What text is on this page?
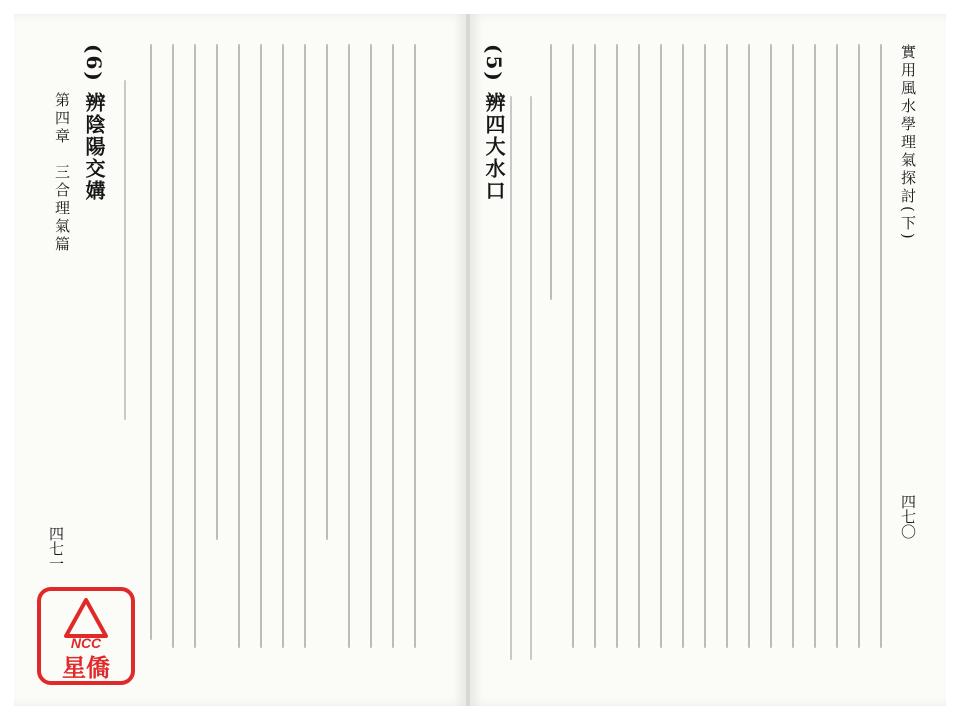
第四章　三合理氣篇 (6) 辨陰陽交媾
四七一
實用風水學理氣探討(下)
(5) 辨四大水口
四七〇
NCC
星僑
